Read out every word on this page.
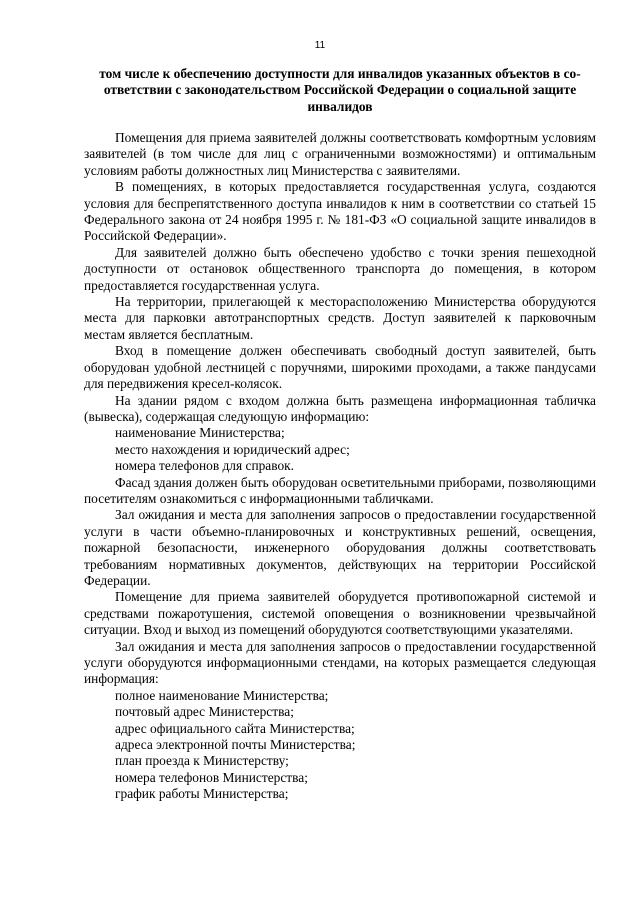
11
том числе к обеспечению доступности для инвалидов указанных объектов в соответствии с законодательством Российской Федерации о социальной защите инвалидов

Помещения для приема заявителей должны соответствовать комфортным условиям заявителей (в том числе для лиц с ограниченными возможностями) и оптимальным условиям работы должностных лиц Министерства с заявителями.

В помещениях, в которых предоставляется государственная услуга, создаются условия для беспрепятственного доступа инвалидов к ним в соответствии со статьей 15 Федерального закона от 24 ноября 1995 г. № 181-ФЗ «О социальной защите инвалидов в Российской Федерации».

Для заявителей должно быть обеспечено удобство с точки зрения пешеходной доступности от остановок общественного транспорта до помещения, в котором предоставляется государственная услуга.

На территории, прилегающей к месторасположению Министерства оборудуются места для парковки автотранспортных средств. Доступ заявителей к парковочным местам является бесплатным.

Вход в помещение должен обеспечивать свободный доступ заявителей, быть оборудован удобной лестницей с поручнями, широкими проходами, а также пандусами для передвижения кресел-колясок.

На здании рядом с входом должна быть размещена информационная табличка (вывеска), содержащая следующую информацию:

наименование Министерства;

место нахождения и юридический адрес;

номера телефонов для справок.

Фасад здания должен быть оборудован осветительными приборами, позволяющими посетителям ознакомиться с информационными табличками.

Зал ожидания и места для заполнения запросов о предоставлении государственной услуги в части объемно-планировочных и конструктивных решений, освещения, пожарной безопасности, инженерного оборудования должны соответствовать требованиям нормативных документов, действующих на территории Российской Федерации.

Помещение для приема заявителей оборудуется противопожарной системой и средствами пожаротушения, системой оповещения о возникновении чрезвычайной ситуации. Вход и выход из помещений оборудуются соответствующими указателями.

Зал ожидания и места для заполнения запросов о предоставлении государственной услуги оборудуются информационными стендами, на которых размещается следующая информация:

полное наименование Министерства;

почтовый адрес Министерства;

адрес официального сайта Министерства;

адреса электронной почты Министерства;

план проезда к Министерству;

номера телефонов Министерства;

график работы Министерства;
